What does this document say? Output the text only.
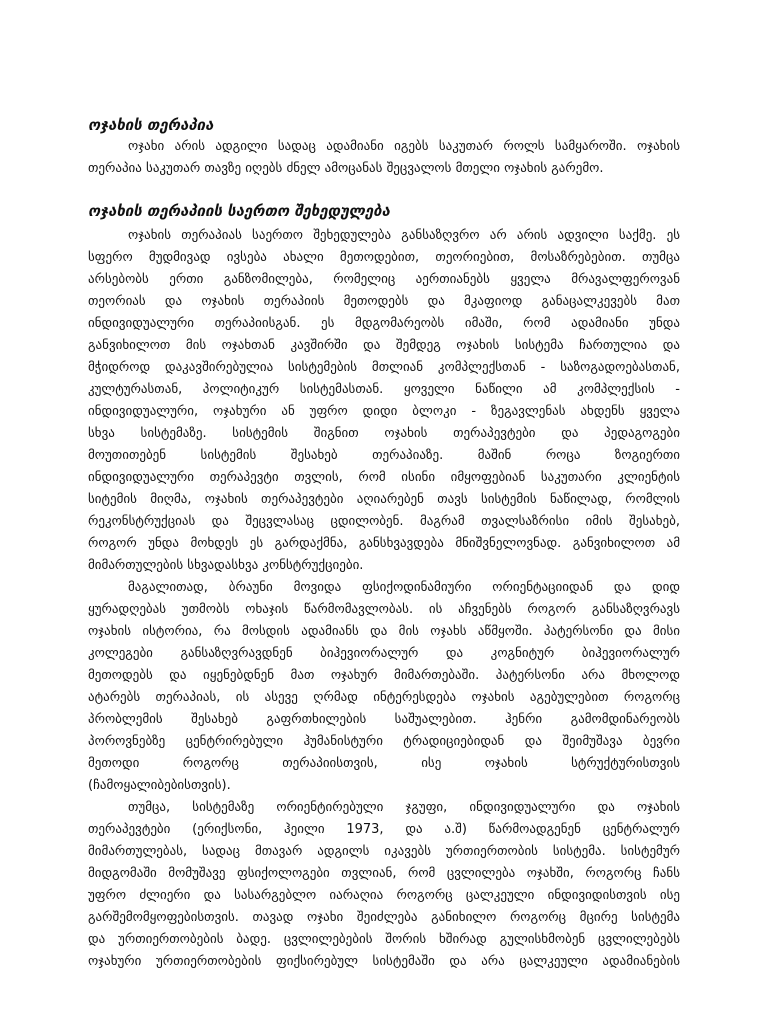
ოჯახის თერაპია
ოჯახი არის ადგილი სადაც ადამიანი იგებს საკუთარ როლს სამყაროში. ოჯახის
თერაპია საკუთარ თავზე იღებს ძნელ ამოცანას შეცვალოს მთელი ოჯახის გარემო.
ოჯახის თერაპიის საერთო შეხედულება
ოჯახის თერაპიას საერთო შეხედულება განსაზღვრო არ არის ადვილი საქმე. ეს
სფერო მუდმივად ივსება ახალი მეთოდებით, თეორიებით, მოსაზრებებით. თუმცა
არსებობს ერთი განზომილება, რომელიც აერთიანებს ყველა მრავალფეროვან
თეორიას და ოჯახის თერაპიის მეთოდებს და მკაფიოდ განაცალკევებს მათ
ინდივიდუალური თერაპიისგან. ეს მდგომარეობს იმაში, რომ ადამიანი უნდა
განვიხილოთ მის ოჯახთან კავშირში და შემდეგ ოჯახის სისტემა ჩართულია და
მჭიდროდ დაკავშირებულია სისტემების მთლიან კომპლექსთან - საზოგადოებასთან,
კულტურასთან, პოლიტიკურ სისტემასთან. ყოველი ნაწილი ამ კომპლექსის -
ინდივიდუალური, ოჯახური ან უფრო დიდი ბლოკი - ზეგავლენას ახდენს ყველა
სხვა სისტემაზე. სისტემის შიგნით ოჯახის თერაპევტები და პედაგოგები
მოუთითებენ სისტემის შესახებ თერაპიაზე. მაშინ როცა ზოგიერთი
ინდივიდუალური თერაპევტი თვლის, რომ ისინი იმყოფებიან საკუთარი კლიენტის
სიტემის მიღმა, ოჯახის თერაპევტები აღიარებენ თავს სისტემის ნაწილად, რომლის
რეკონსტრუქციას და შეცვლასაც ცდილობენ. მაგრამ თვალსაზრისი იმის შესახებ,
როგორ უნდა მოხდეს ეს გარდაქმნა, განსხვავდება მნიშვნელოვნად. განვიხილოთ ამ
მიმართულების სხვადასხვა კონსტრუქციები.
მაგალითად, ბრაუნი მოვიდა ფსიქოდინამიური ორიენტაციიდან და დიდ
ყურადღებას უთმობს ოხაჯის წარმომავლობას. ის აჩვენებს როგორ განსაზღვრავს
ოჯახის ისტორია, რა მოსდის ადამიანს და მის ოჯახს აწმყოში. პატერსონი და მისი
კოლეგები განსაზღვრავდნენ ბიჰევიორალურ და კოგნიტურ ბიჰევიორალურ
მეთოდებს და იყენებდნენ მათ ოჯახურ მიმართებაში. პატერსონი არა მხოლოდ
ატარებს თერაპიას, ის ასევე ღრმად ინტერესდება ოჯახის აგებულებით როგორც
პრობლემის შესახებ გაფრთხილების საშუალებით. ჰენრი გამომდინარეობს
პოროვნებზე ცენტრირებული ჰუმანისტური ტრადიციებიდან და შეიმუშავა ბევრი
მეთოდი როგორც თერაპიისთვის, ისე ოჯახის სტრუქტურისთვის
(ჩამოყალიბებისთვის).
თუმცა, სისტემაზე ორიენტირებული ჯგუფი, ინდივიდუალური და ოჯახის
თერაპევტები (ერიქსონი, ჰეილი 1973, და ა.შ) წარმოადგენენ ცენტრალურ
მიმართულებას, სადაც მთავარ ადგილს იკავებს ურთიერთობის სისტემა. სისტემურ
მიდგომაში მომუშავე ფსიქოლოგები თვლიან, რომ ცვლილება ოჯახში, როგორც ჩანს
უფრო ძლიერი და სასარგებლო იარაღია როგორც ცალკეული ინდივიდისთვის ისე
გარშემომყოფებისთვის. თავად ოჯახი შეიძლება განიხილო როგორც მცირე სისტემა
და ურთიერთობების ბადე. ცვლილებების შორის ხშირად გულისხმობენ ცვლილებებს
ოჯახური ურთიერთობების ფიქსირებულ სისტემაში და არა ცალკეული ადამიანების
